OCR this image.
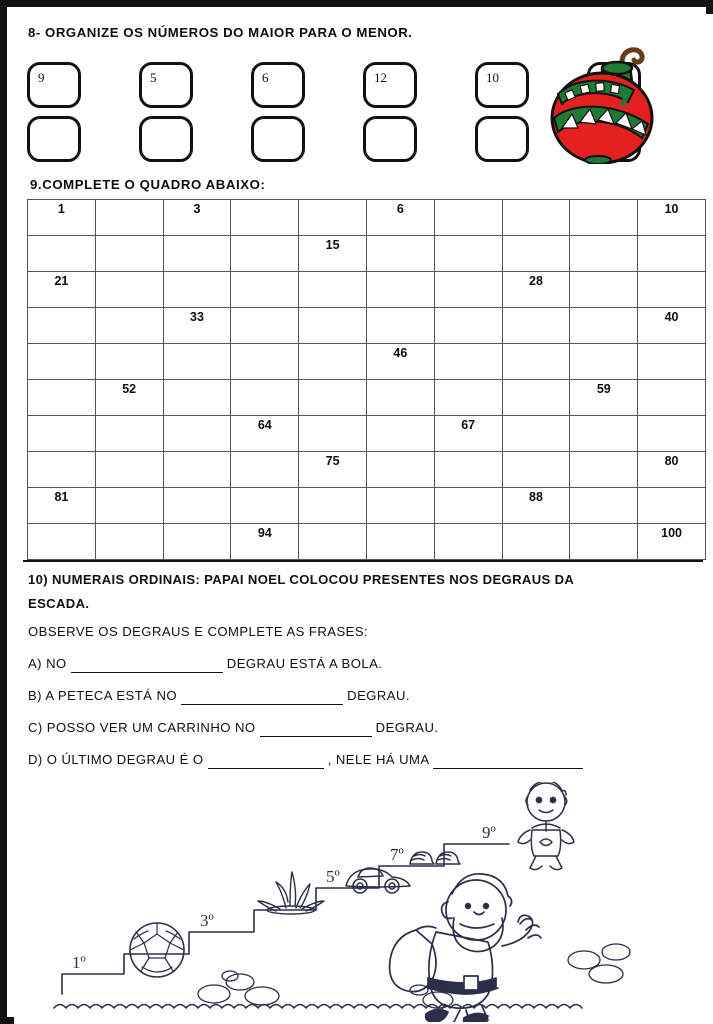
8- ORGANIZE OS NÚMEROS DO MAIOR PARA O MENOR.
9	5	6	12	10
9.COMPLETE O QUADRO ABAIXO:
1		3			6				10

				15					

21							28		

		33							40

					46				

	52							59	

			64			67			

				75					80

81							88		

			94						100
10) NUMERAIS ORDINAIS: PAPAI NOEL COLOCOU PRESENTES NOS DEGRAUS DA
ESCADA.
OBSERVE OS DEGRAUS E COMPLETE AS FRASES:
A) NO	DEGRAU ESTÁ A BOLA.
B) A PETECA ESTÁ NO	DEGRAU.
C) POSSO VER UM CARRINHO NO	DEGRAU.
D) O ÚLTIMO DEGRAU É O	, NELE HÁ UMA
1º
3º
5º
7º
9º
